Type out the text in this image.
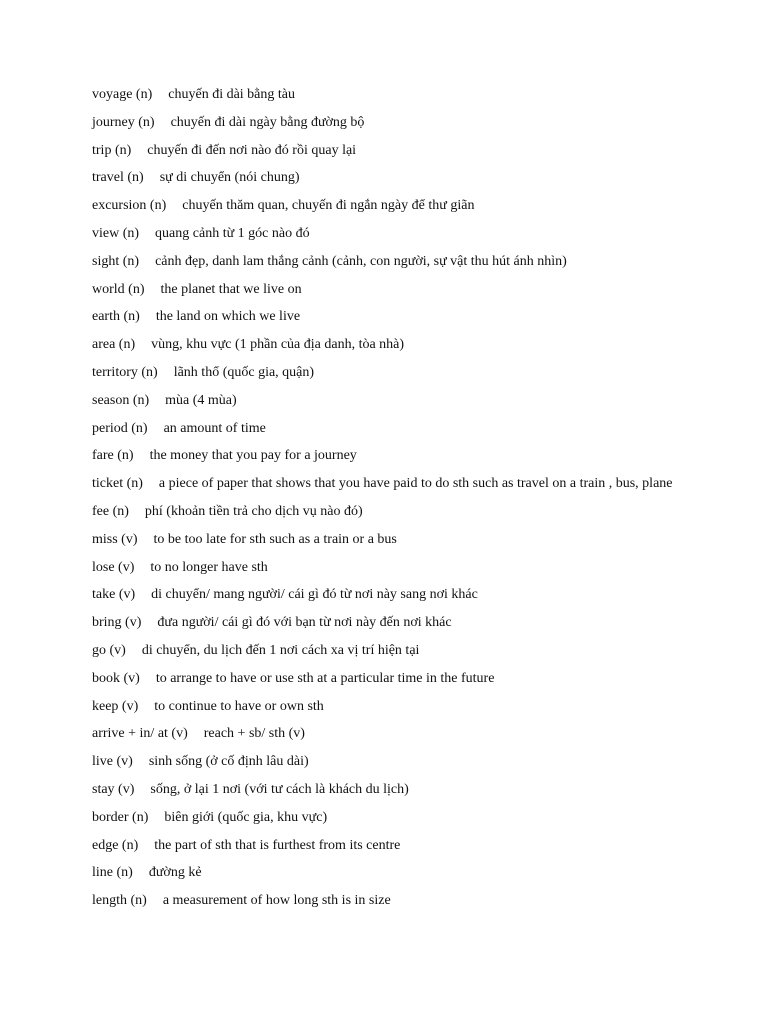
voyage (n) chuyến đi dài bằng tàu
journey (n) chuyến đi dài ngày bằng đường bộ
trip (n) chuyến đi đến nơi nào đó rồi quay lại
travel (n) sự di chuyển (nói chung)
excursion (n) chuyến thăm quan, chuyến đi ngắn ngày để thư giãn
view (n) quang cảnh từ 1 góc nào đó
sight (n) cảnh đẹp, danh lam thắng cảnh (cảnh, con người, sự vật thu hút ánh nhìn)
world (n) the planet that we live on
earth (n) the land on which we live
area (n) vùng, khu vực (1 phần của địa danh, tòa nhà)
territory (n) lãnh thổ (quốc gia, quận)
season (n) mùa (4 mùa)
period (n) an amount of time
fare (n) the money that you pay for a journey
ticket (n) a piece of paper that shows that you have paid to do sth such as travel on a train , bus, plane
fee (n) phí (khoản tiền trả cho dịch vụ nào đó)
miss (v) to be too late for sth such as a train or a bus
lose (v) to no longer have sth
take (v) di chuyển/ mang người/ cái gì đó từ nơi này sang nơi khác
bring (v) đưa người/ cái gì đó với bạn từ nơi này đến nơi khác
go (v) di chuyển, du lịch đến 1 nơi cách xa vị trí hiện tại
book (v) to arrange to have or use sth at a particular time in the future
keep (v) to continue to have or own sth
arrive + in/ at (v) reach + sb/ sth (v)
live (v) sinh sống (ở cố định lâu dài)
stay (v) sống, ở lại 1 nơi (với tư cách là khách du lịch)
border (n) biên giới (quốc gia, khu vực)
edge (n) the part of sth that is furthest from its centre
line (n) đường kẻ
length (n) a measurement of how long sth is in size
